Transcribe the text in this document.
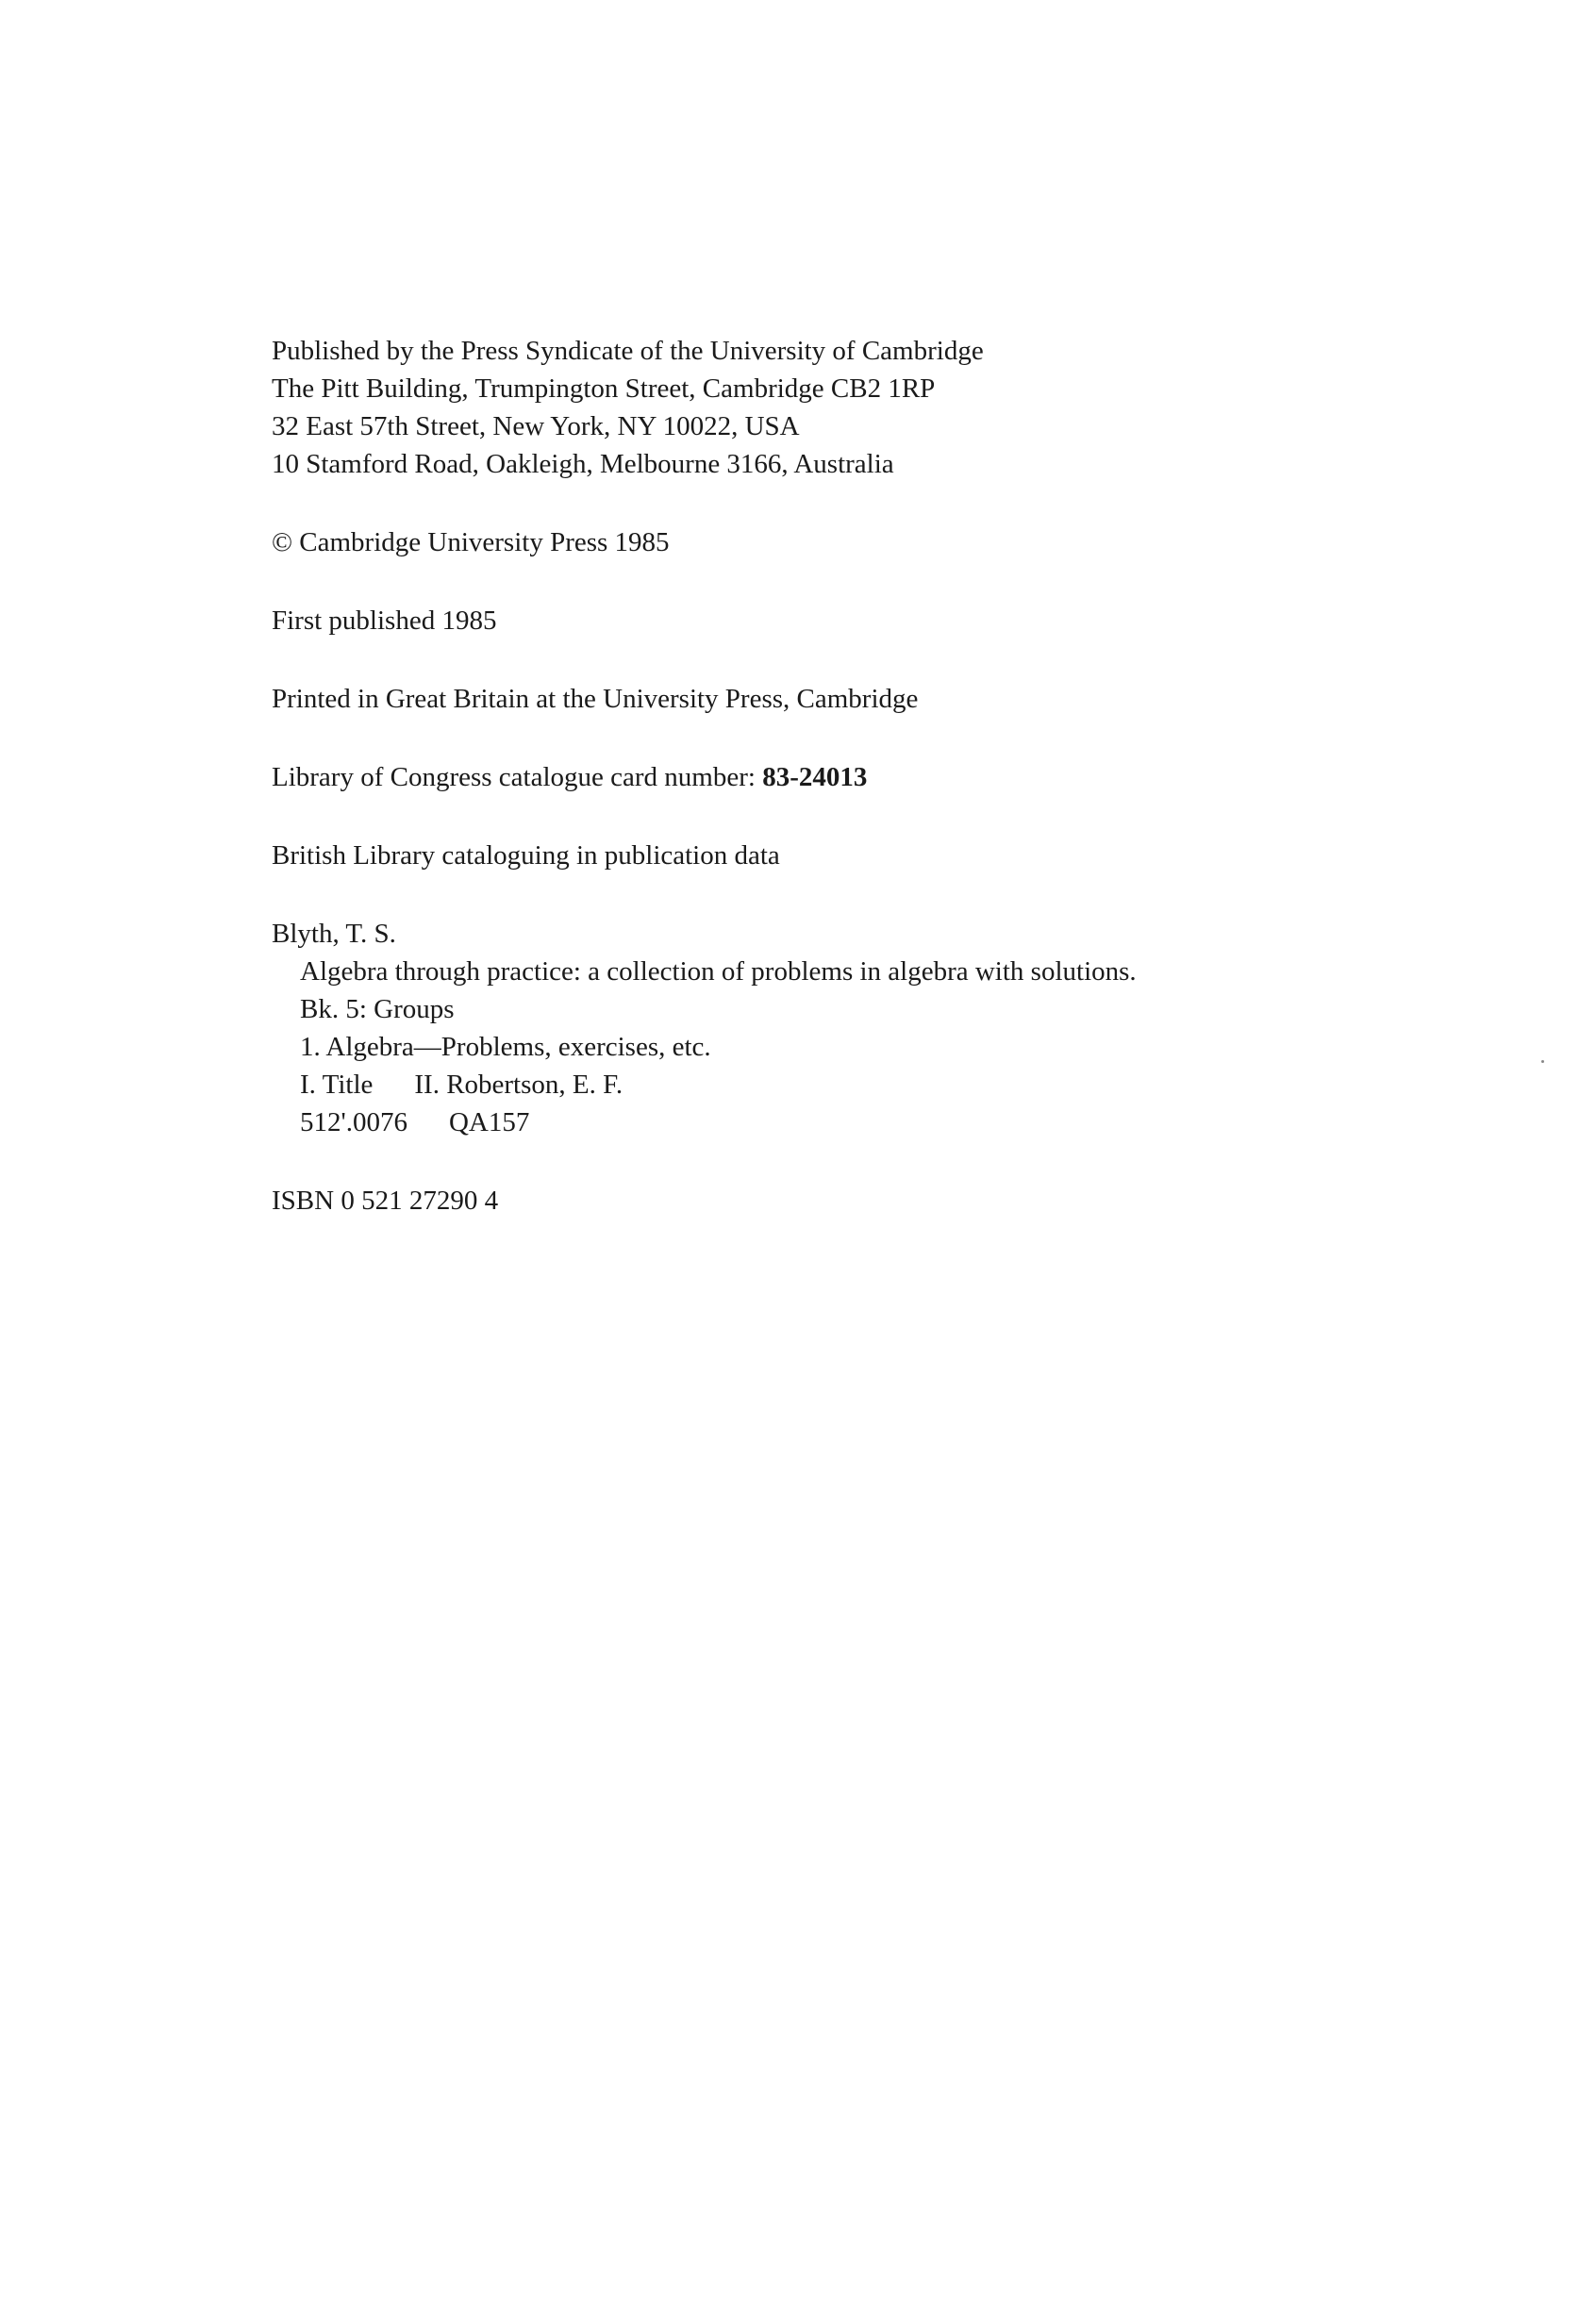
Published by the Press Syndicate of the University of Cambridge
The Pitt Building, Trumpington Street, Cambridge CB2 1RP
32 East 57th Street, New York, NY 10022, USA
10 Stamford Road, Oakleigh, Melbourne 3166, Australia
© Cambridge University Press 1985
First published 1985
Printed in Great Britain at the University Press, Cambridge
Library of Congress catalogue card number: 83-24013
British Library cataloguing in publication data
Blyth, T. S.
Algebra through practice: a collection of problems in algebra with solutions.
Bk. 5: Groups
1. Algebra—Problems, exercises, etc.
I. Title II. Robertson, E. F.
512'.0076 QA157
ISBN 0 521 27290 4
